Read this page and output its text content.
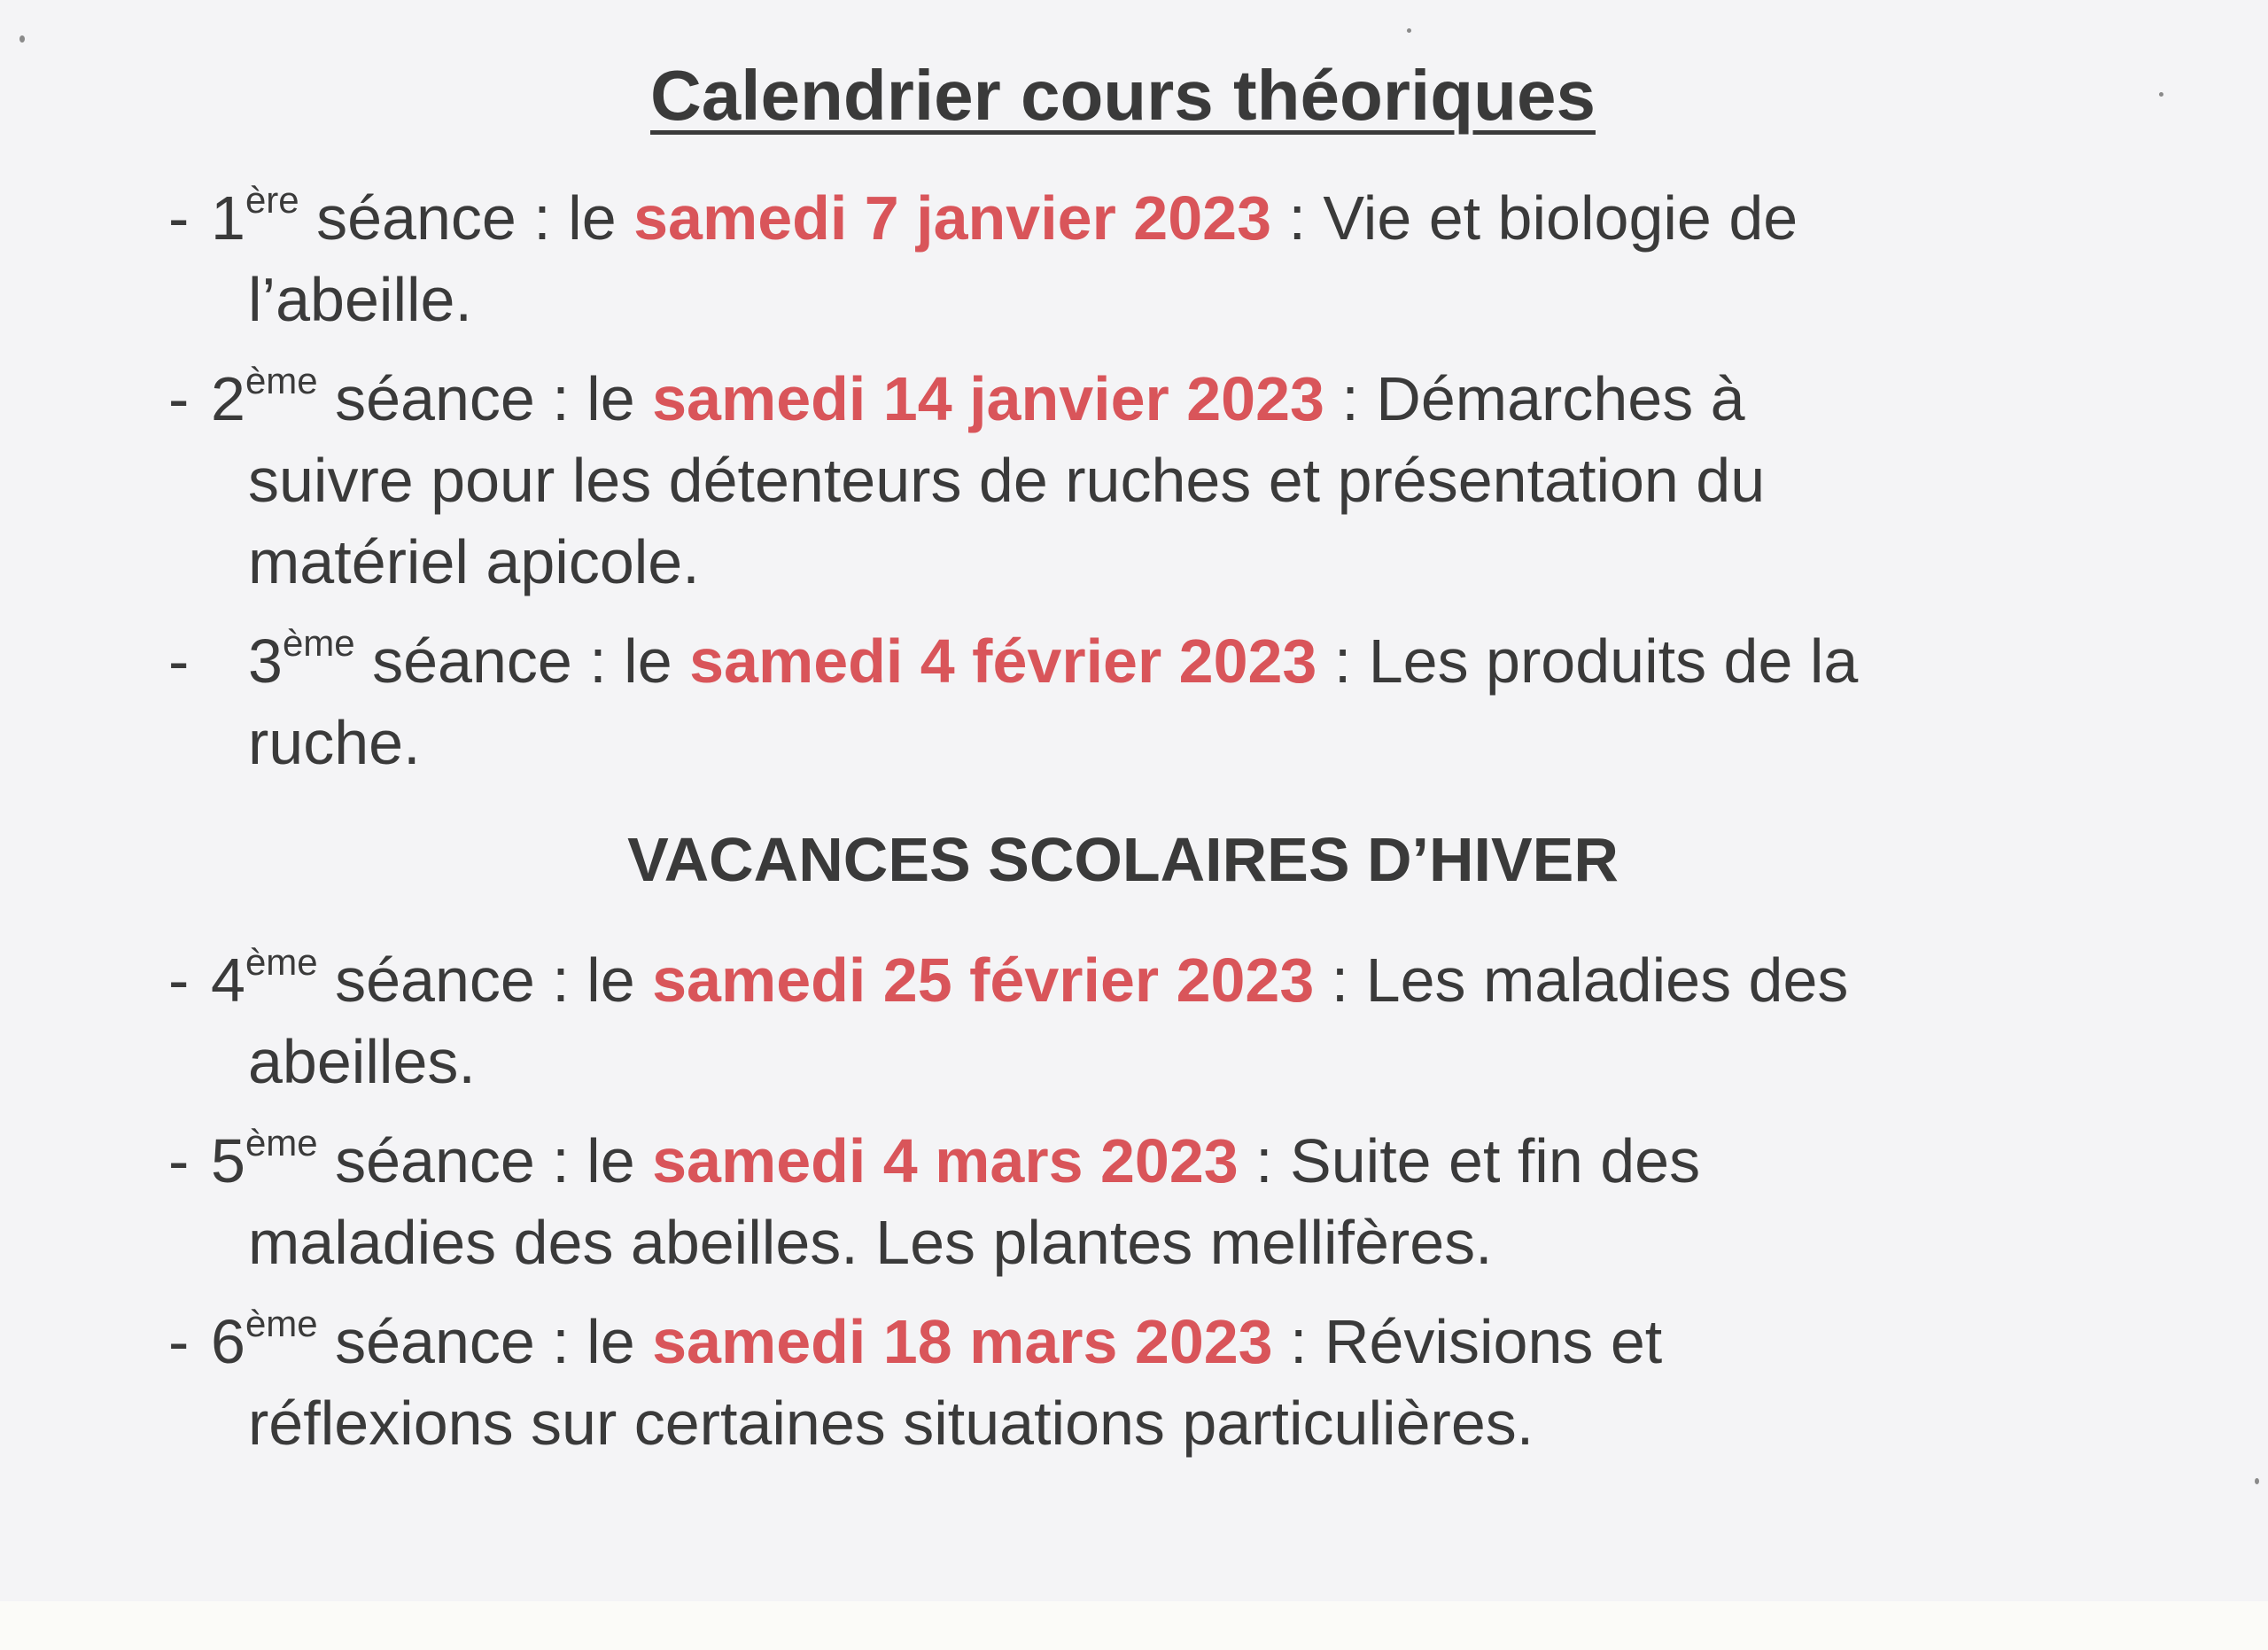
Calendrier cours théoriques
- 1ère séance : le samedi 7 janvier 2023 : Vie et biologie de
l’abeille.
- 2ème séance : le samedi 14 janvier 2023 : Démarches à
suivre pour les détenteurs de ruches et présentation du
matériel apicole.
- 3ème séance : le samedi 4 février 2023 : Les produits de la
ruche.
VACANCES SCOLAIRES D’HIVER
- 4ème séance : le samedi 25 février 2023 : Les maladies des
abeilles.
- 5ème séance : le samedi 4 mars 2023 : Suite et fin des
maladies des abeilles. Les plantes mellifères.
- 6ème séance : le samedi 18 mars 2023 : Révisions et
réflexions sur certaines situations particulières.
